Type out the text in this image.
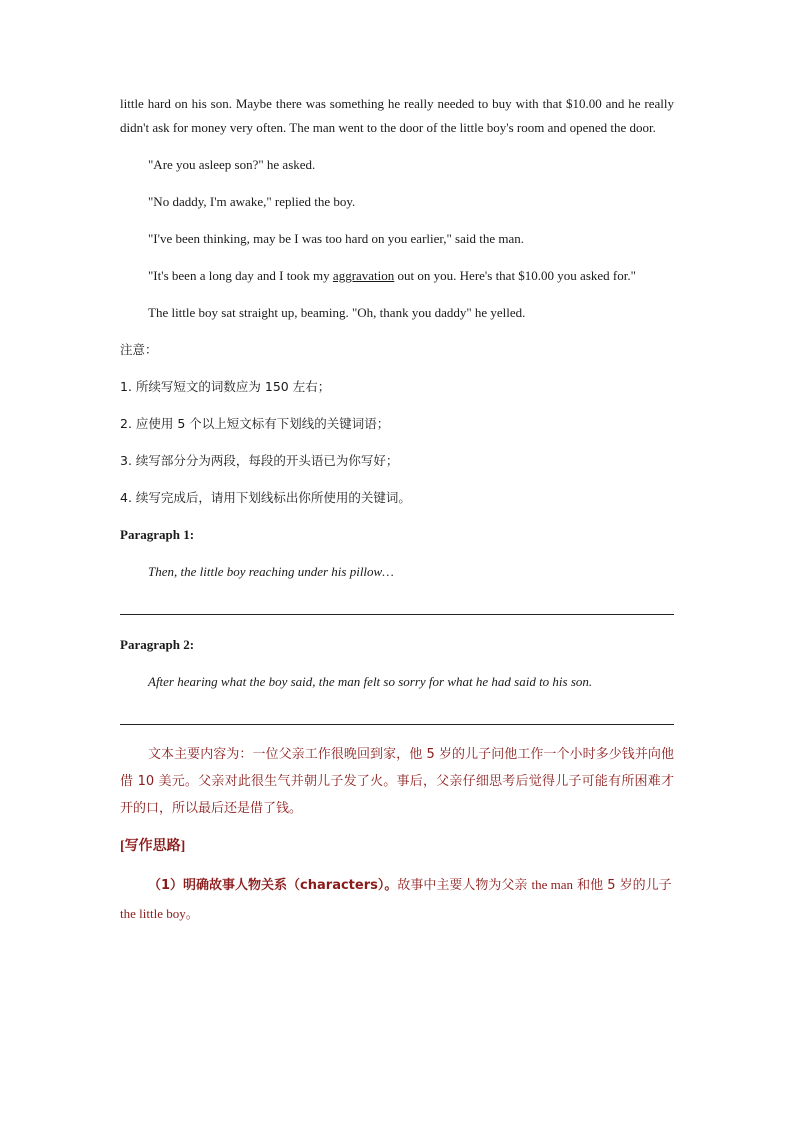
little hard on his son. Maybe there was something he really needed to buy with that $10.00 and he really didn't ask for money very often. The man went to the door of the little boy's room and opened the door.

"Are you asleep son?" he asked.

"No daddy, I'm awake," replied the boy.

"I've been thinking, may be I was too hard on you earlier," said the man.

"It's been a long day and I took my aggravation out on you. Here's that $10.00 you asked for."

The little boy sat straight up, beaming. "Oh, thank you daddy" he yelled.

注意：

1. 所续写短文的词数应为 150 左右；

2. 应使用 5 个以上短文标有下划线的关键词语；

3. 续写部分分为两段，每段的开头语已为你写好；

4. 续写完成后，请用下划线标出你所使用的关键词。

Paragraph 1:

Then, the little boy reaching under his pillow…

Paragraph 2:

After hearing what the boy said, the man felt so sorry for what he had said to his son.

文本主要内容为：一位父亲工作很晚回到家，他 5 岁的儿子问他工作一个小时多少钱并向他借 10 美元。父亲对此很生气并朝儿子发了火。事后，父亲仔细思考后觉得儿子可能有所困难才开的口，所以最后还是借了钱。

[写作思路]

（1）明确故事人物关系（characters）。故事中主要人物为父亲 the man 和他 5 岁的儿子 the little boy。
